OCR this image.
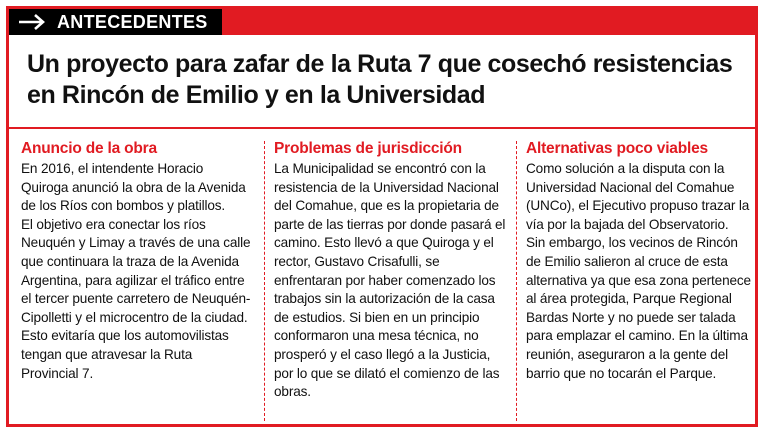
ANTECEDENTES
Un proyecto para zafar de la Ruta 7 que cosechó resistencias en Rincón de Emilio y en la Universidad
Anuncio de la obra

En 2016, el intendente Horacio Quiroga anunció la obra de la Avenida de los Ríos con bombos y platillos.

El objetivo era conectar los ríos Neuquén y Limay a través de una calle que continuara la traza de la Avenida Argentina, para agilizar el tráfico entre el tercer puente carretero de Neuquén-Cipolletti y el microcentro de la ciudad.

Esto evitaría que los automovilistas tengan que atravesar la Ruta Provincial 7.

Problemas de jurisdicción

La Municipalidad se encontró con la resistencia de la Universidad Nacional del Comahue, que es la propietaria de parte de las tierras por donde pasará el camino. Esto llevó a que Quiroga y el rector, Gustavo Crisafulli, se enfrentaran por haber comenzado los trabajos sin la autorización de la casa de estudios. Si bien en un principio conformaron una mesa técnica, no prosperó y el caso llegó a la Justicia, por lo que se dilató el comienzo de las obras.

Alternativas poco viables

Como solución a la disputa con la Universidad Nacional del Comahue (UNCo), el Ejecutivo propuso trazar la vía por la bajada del Observatorio.

Sin embargo, los vecinos de Rincón de Emilio salieron al cruce de esta alternativa ya que esa zona pertenece al área protegida, Parque Regional Bardas Norte y no puede ser talada para emplazar el camino. En la última reunión, aseguraron a la gente del barrio que no tocarán el Parque.
